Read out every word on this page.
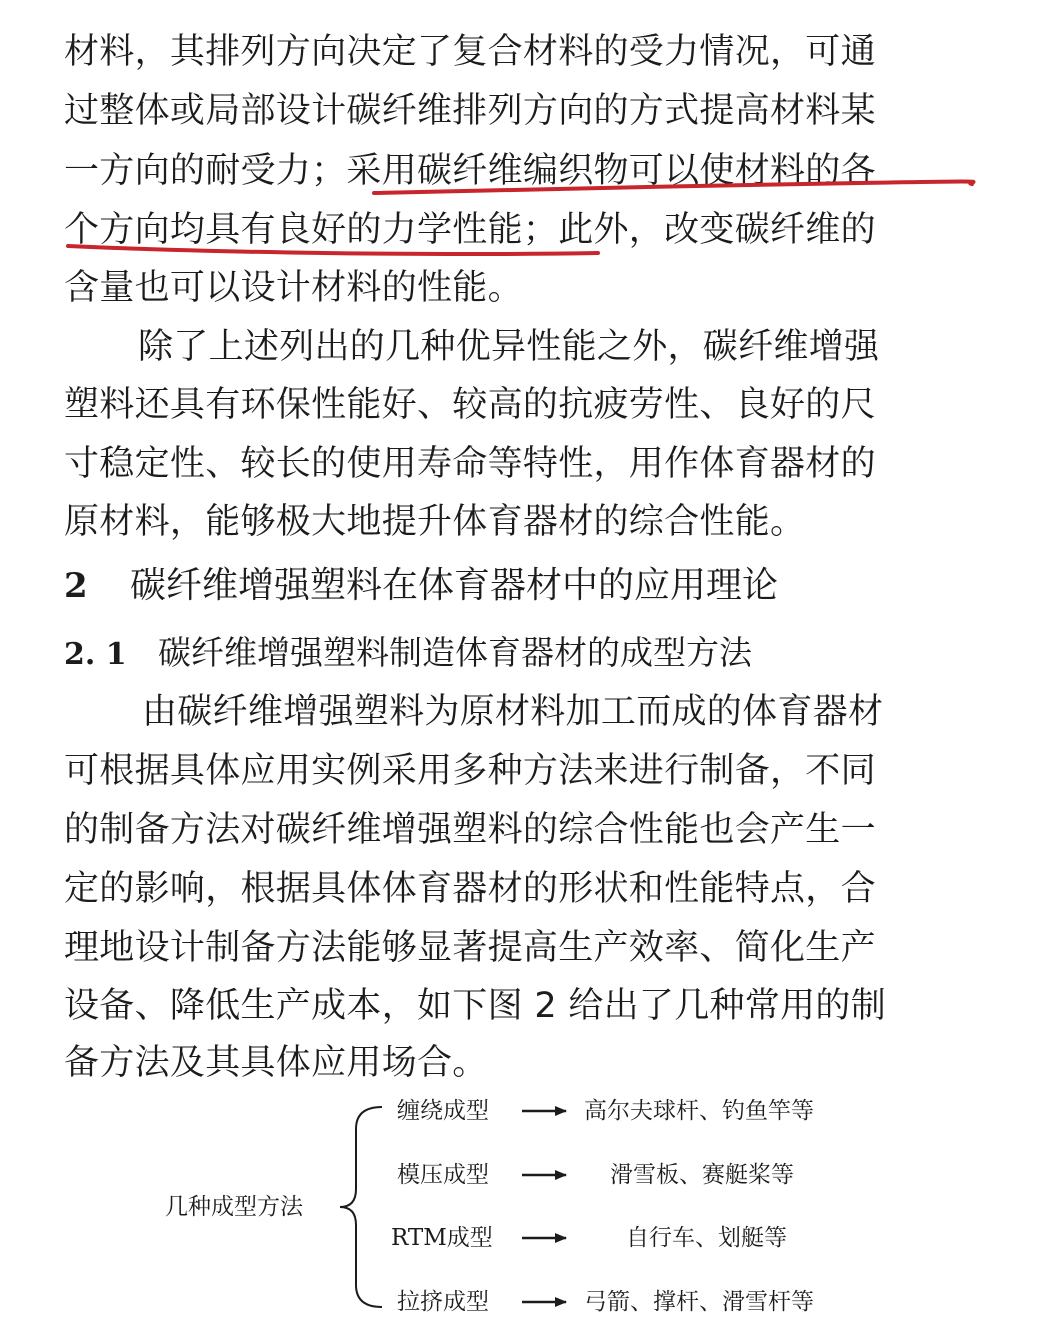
材料，其排列方向决定了复合材料的受力情况，可通
过整体或局部设计碳纤维排列方向的方式提高材料某
一方向的耐受力；采用碳纤维编织物可以使材料的各
个方向均具有良好的力学性能；此外，改变碳纤维的
含量也可以设计材料的性能。
除了上述列出的几种优异性能之外，碳纤维增强
塑料还具有环保性能好、较高的抗疲劳性、良好的尺
寸稳定性、较长的使用寿命等特性，用作体育器材的
原材料，能够极大地提升体育器材的综合性能。
2 碳纤维增强塑料在体育器材中的应用理论
2. 1 碳纤维增强塑料制造体育器材的成型方法
由碳纤维增强塑料为原材料加工而成的体育器材
可根据具体应用实例采用多种方法来进行制备，不同
的制备方法对碳纤维增强塑料的综合性能也会产生一
定的影响，根据具体体育器材的形状和性能特点，合
理地设计制备方法能够显著提高生产效率、简化生产
设备、降低生产成本，如下图 2 给出了几种常用的制
备方法及其具体应用场合。
几种成型方法
缠绕成型	高尔夫球杆、钓鱼竿等
模压成型	滑雪板、赛艇桨等
RTM成型	自行车、划艇等
拉挤成型	弓箭、撑杆、滑雪杆等
